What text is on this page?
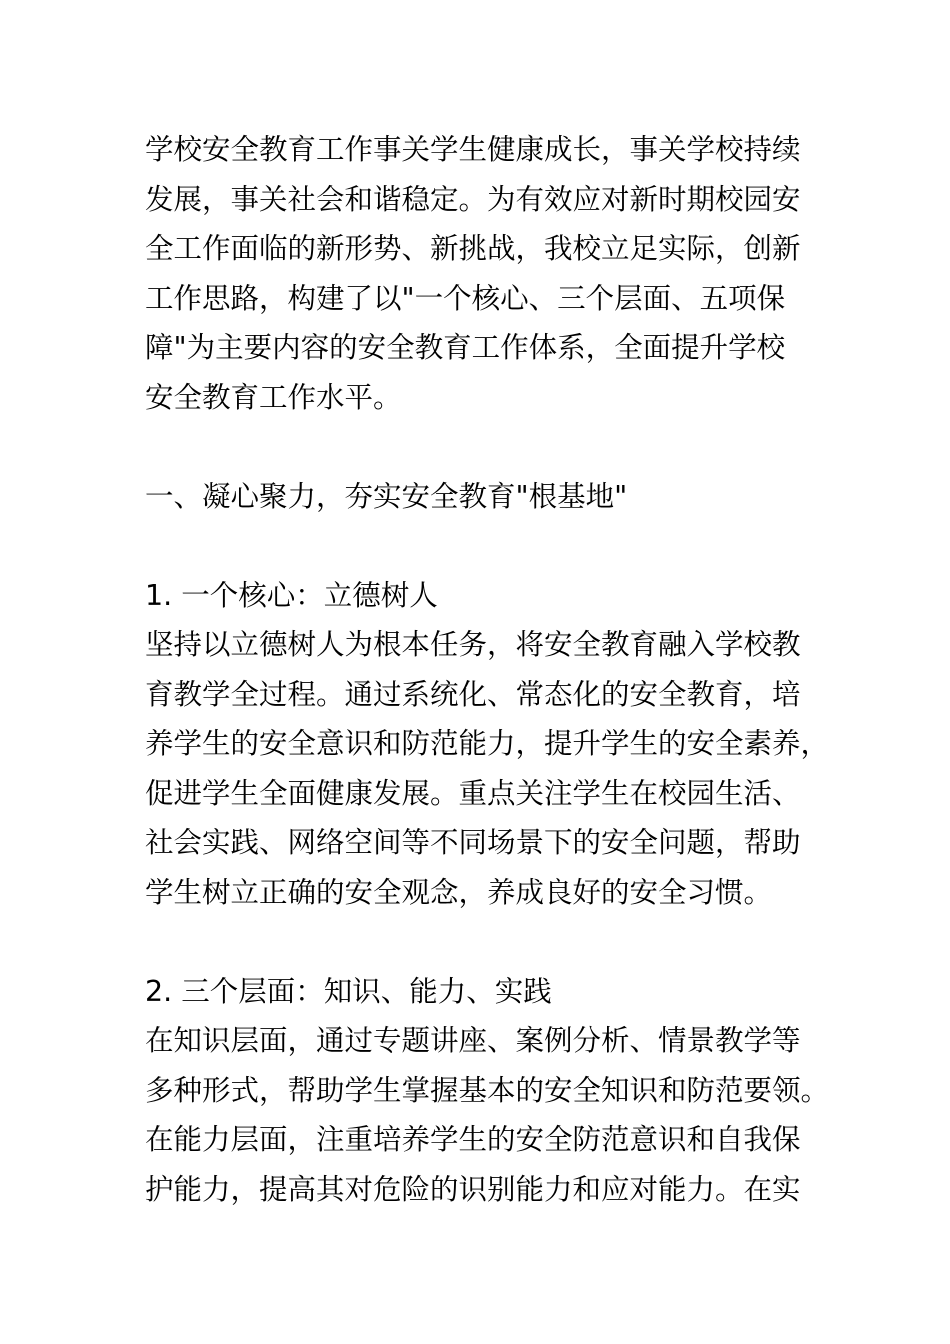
学校安全教育工作事关学生健康成长，事关学校持续
发展，事关社会和谐稳定。为有效应对新时期校园安
全工作面临的新形势、新挑战，我校立足实际，创新
工作思路，构建了以"一个核心、三个层面、五项保
障"为主要内容的安全教育工作体系，全面提升学校
安全教育工作水平。
一、凝心聚力，夯实安全教育"根基地"
1. 一个核心：立德树人
坚持以立德树人为根本任务，将安全教育融入学校教
育教学全过程。通过系统化、常态化的安全教育，培
养学生的安全意识和防范能力，提升学生的安全素养，
促进学生全面健康发展。重点关注学生在校园生活、
社会实践、网络空间等不同场景下的安全问题，帮助
学生树立正确的安全观念，养成良好的安全习惯。
2. 三个层面：知识、能力、实践
在知识层面，通过专题讲座、案例分析、情景教学等
多种形式，帮助学生掌握基本的安全知识和防范要领。
在能力层面，注重培养学生的安全防范意识和自我保
护能力，提高其对危险的识别能力和应对能力。在实
